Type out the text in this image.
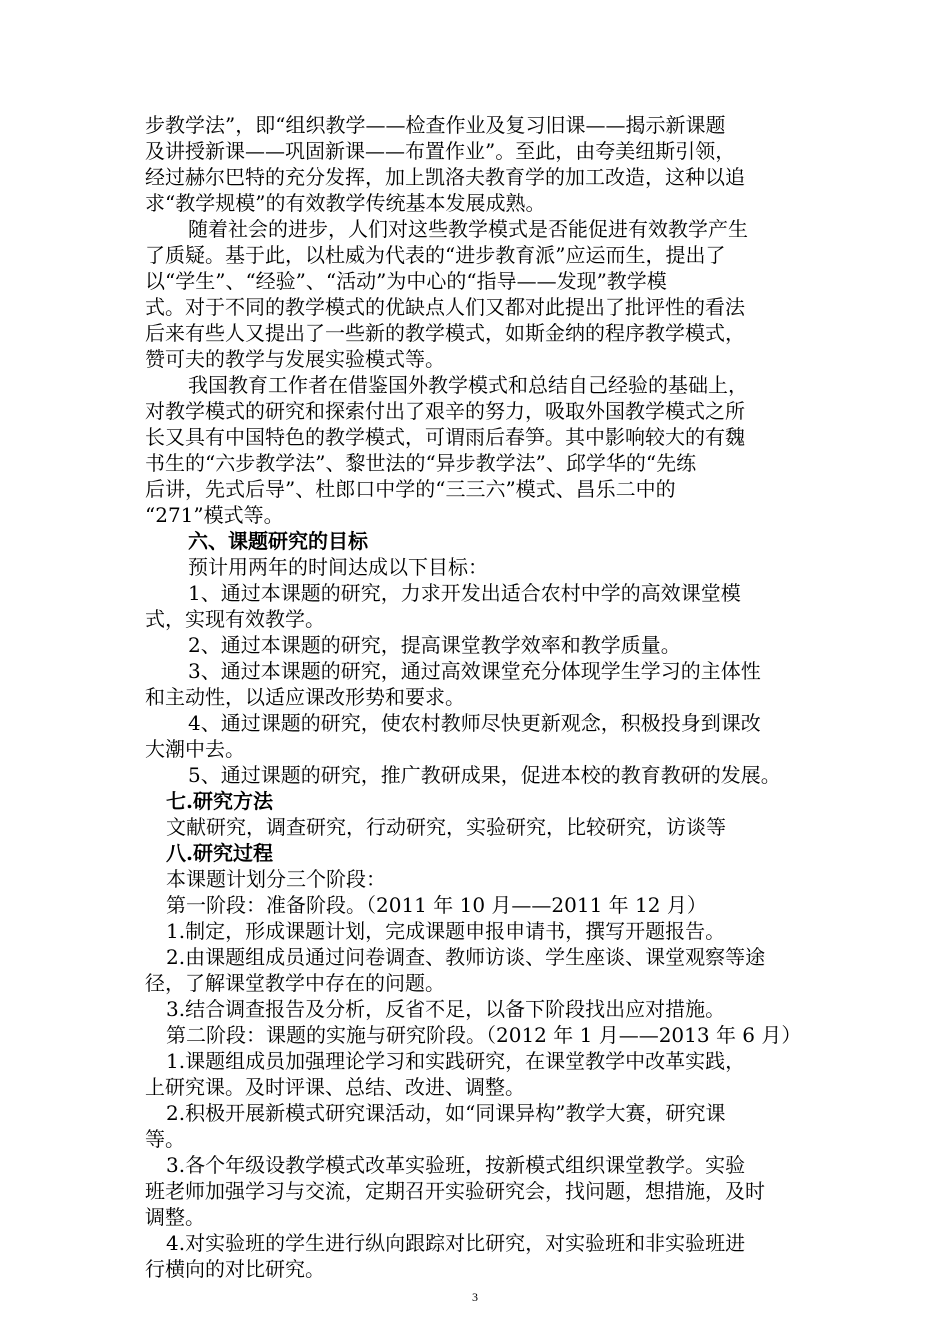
步教学法”，即“组织教学——检查作业及复习旧课——揭示新课题
及讲授新课——巩固新课——布置作业”。至此，由夸美纽斯引领，
经过赫尔巴特的充分发挥，加上凯洛夫教育学的加工改造，这种以追
求“教学规模”的有效教学传统基本发展成熟。
随着社会的进步，人们对这些教学模式是否能促进有效教学产生
了质疑。基于此，以杜威为代表的“进步教育派”应运而生，提出了
以“学生”、“经验”、“活动”为中心的“指导——发现”教学模
式。对于不同的教学模式的优缺点人们又都对此提出了批评性的看法
后来有些人又提出了一些新的教学模式，如斯金纳的程序教学模式，
赞可夫的教学与发展实验模式等。
我国教育工作者在借鉴国外教学模式和总结自己经验的基础上，
对教学模式的研究和探索付出了艰辛的努力，吸取外国教学模式之所
长又具有中国特色的教学模式，可谓雨后春笋。其中影响较大的有魏
书生的“六步教学法”、黎世法的“异步教学法”、邱学华的“先练
后讲，先式后导”、杜郎口中学的“三三六”模式、昌乐二中的
“271”模式等。
六、课题研究的目标
预计用两年的时间达成以下目标：
1、通过本课题的研究，力求开发出适合农村中学的高效课堂模
式，实现有效教学。
2、通过本课题的研究，提高课堂教学效率和教学质量。
3、通过本课题的研究，通过高效课堂充分体现学生学习的主体性
和主动性，以适应课改形势和要求。
4、通过课题的研究，使农村教师尽快更新观念，积极投身到课改
大潮中去。
5、通过课题的研究，推广教研成果，促进本校的教育教研的发展。
七.研究方法
文献研究，调查研究，行动研究，实验研究，比较研究，访谈等
八.研究过程
本课题计划分三个阶段：
第一阶段：准备阶段。（2011 年 10 月——2011 年 12 月）
1.制定，形成课题计划，完成课题申报申请书，撰写开题报告。
2.由课题组成员通过问卷调查、教师访谈、学生座谈、课堂观察等途
径，了解课堂教学中存在的问题。
3.结合调查报告及分析，反省不足，以备下阶段找出应对措施。
第二阶段：课题的实施与研究阶段。（2012 年 1 月——2013 年 6 月）
1.课题组成员加强理论学习和实践研究，在课堂教学中改革实践，
上研究课。及时评课、总结、改进、调整。
2.积极开展新模式研究课活动，如“同课异构”教学大赛，研究课
等。
3.各个年级设教学模式改革实验班，按新模式组织课堂教学。实验
班老师加强学习与交流，定期召开实验研究会，找问题，想措施，及时
调整。
4.对实验班的学生进行纵向跟踪对比研究，对实验班和非实验班进
行横向的对比研究。
3
